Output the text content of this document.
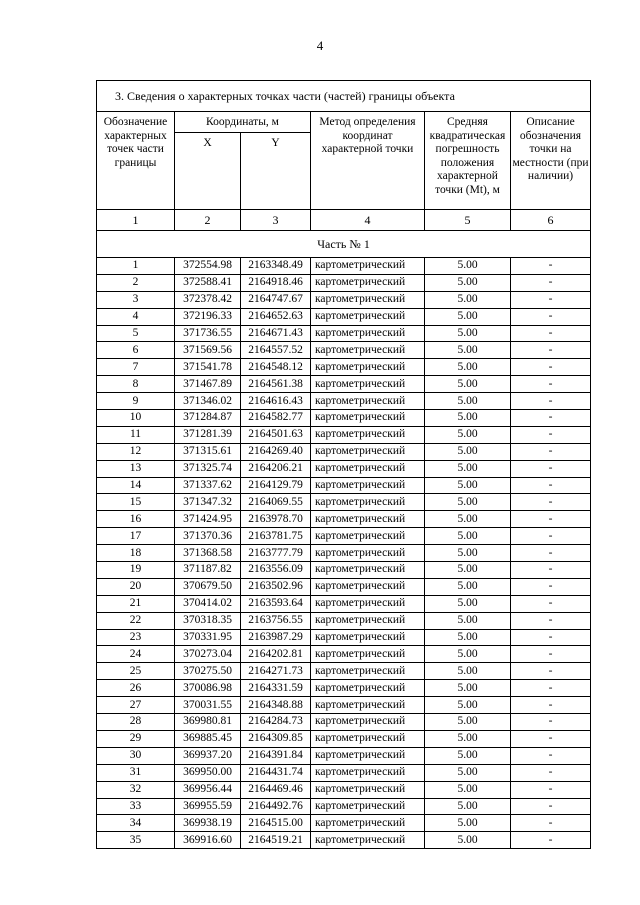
4
3. Сведения о характерных точках части (частей) границы объекта					
Обозначение характерных точек части границы	Координаты, м		Метод определения координат характерной точки	Средняя квадратическая погрешность положения характерной точки (Mt), м	Описание обозначения точки на местности (при наличии)
	X	Y			
1	2	3	4	5	6
Часть № 1					
1	372554.98	2163348.49	картометрический	5.00	-
2	372588.41	2164918.46	картометрический	5.00	-
3	372378.42	2164747.67	картометрический	5.00	-
4	372196.33	2164652.63	картометрический	5.00	-
5	371736.55	2164671.43	картометрический	5.00	-
6	371569.56	2164557.52	картометрический	5.00	-
7	371541.78	2164548.12	картометрический	5.00	-
8	371467.89	2164561.38	картометрический	5.00	-
9	371346.02	2164616.43	картометрический	5.00	-
10	371284.87	2164582.77	картометрический	5.00	-
11	371281.39	2164501.63	картометрический	5.00	-
12	371315.61	2164269.40	картометрический	5.00	-
13	371325.74	2164206.21	картометрический	5.00	-
14	371337.62	2164129.79	картометрический	5.00	-
15	371347.32	2164069.55	картометрический	5.00	-
16	371424.95	2163978.70	картометрический	5.00	-
17	371370.36	2163781.75	картометрический	5.00	-
18	371368.58	2163777.79	картометрический	5.00	-
19	371187.82	2163556.09	картометрический	5.00	-
20	370679.50	2163502.96	картометрический	5.00	-
21	370414.02	2163593.64	картометрический	5.00	-
22	370318.35	2163756.55	картометрический	5.00	-
23	370331.95	2163987.29	картометрический	5.00	-
24	370273.04	2164202.81	картометрический	5.00	-
25	370275.50	2164271.73	картометрический	5.00	-
26	370086.98	2164331.59	картометрический	5.00	-
27	370031.55	2164348.88	картометрический	5.00	-
28	369980.81	2164284.73	картометрический	5.00	-
29	369885.45	2164309.85	картометрический	5.00	-
30	369937.20	2164391.84	картометрический	5.00	-
31	369950.00	2164431.74	картометрический	5.00	-
32	369956.44	2164469.46	картометрический	5.00	-
33	369955.59	2164492.76	картометрический	5.00	-
34	369938.19	2164515.00	картометрический	5.00	-
35	369916.60	2164519.21	картометрический	5.00	-
